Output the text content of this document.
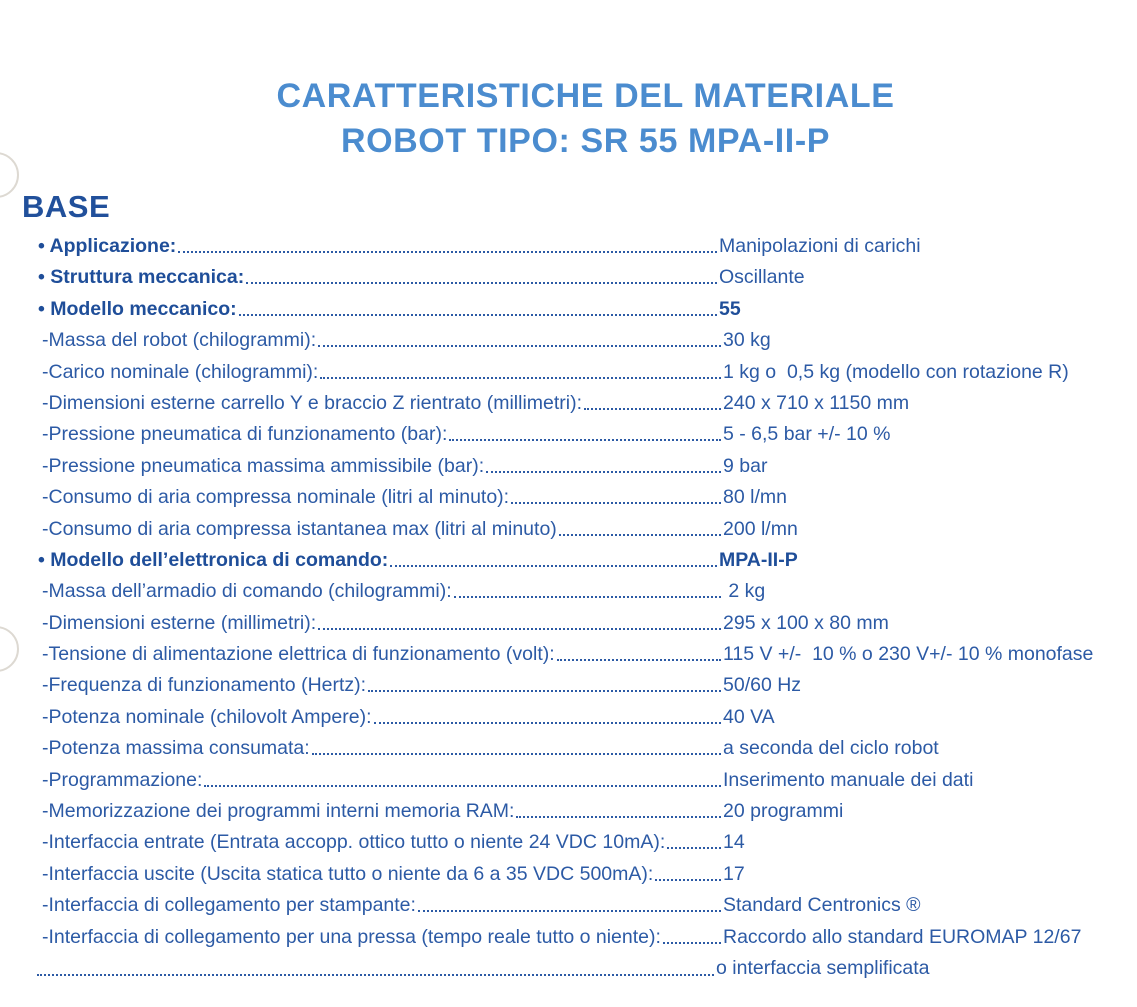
CARATTERISTICHE DEL MATERIALE
ROBOT TIPO: SR 55 MPA-II-P
BASE
• Applicazione:	Manipolazioni di carichi
• Struttura meccanica:	Oscillante
• Modello meccanico:	55
-Massa del robot (chilogrammi):	30 kg
-Carico nominale (chilogrammi):	1 kg o  0,5 kg (modello con rotazione R)
-Dimensioni esterne carrello Y e braccio Z rientrato (millimetri):	240 x 710 x 1150 mm
-Pressione pneumatica di funzionamento (bar):	5 - 6,5 bar +/- 10 %
-Pressione pneumatica massima ammissibile (bar):	9 bar
-Consumo di aria compressa nominale (litri al minuto):	80 l/mn
-Consumo di aria compressa istantanea max (litri al minuto)	200 l/mn
• Modello dell’elettronica di comando:	MPA-II-P
-Massa dell’armadio di comando (chilogrammi):	2 kg
-Dimensioni esterne (millimetri):	295 x 100 x 80 mm
-Tensione di alimentazione elettrica di funzionamento (volt):	115 V +/-  10 % o 230 V+/- 10 % monofase
-Frequenza di funzionamento (Hertz):	50/60 Hz
-Potenza nominale (chilovolt Ampere):	40 VA
-Potenza massima consumata:	a seconda del ciclo robot
-Programmazione:	Inserimento manuale dei dati
-Memorizzazione dei programmi interni memoria RAM:	20 programmi
-Interfaccia entrate (Entrata accopp. ottico tutto o niente 24 VDC 10mA):	14
-Interfaccia uscite (Uscita statica tutto o niente da 6 a 35 VDC 500mA):	17
-Interfaccia di collegamento per stampante:	Standard Centronics ®
-Interfaccia di collegamento per una pressa (tempo reale tutto o niente):	Raccordo allo standard EUROMAP 12/67
o interfaccia semplificata
